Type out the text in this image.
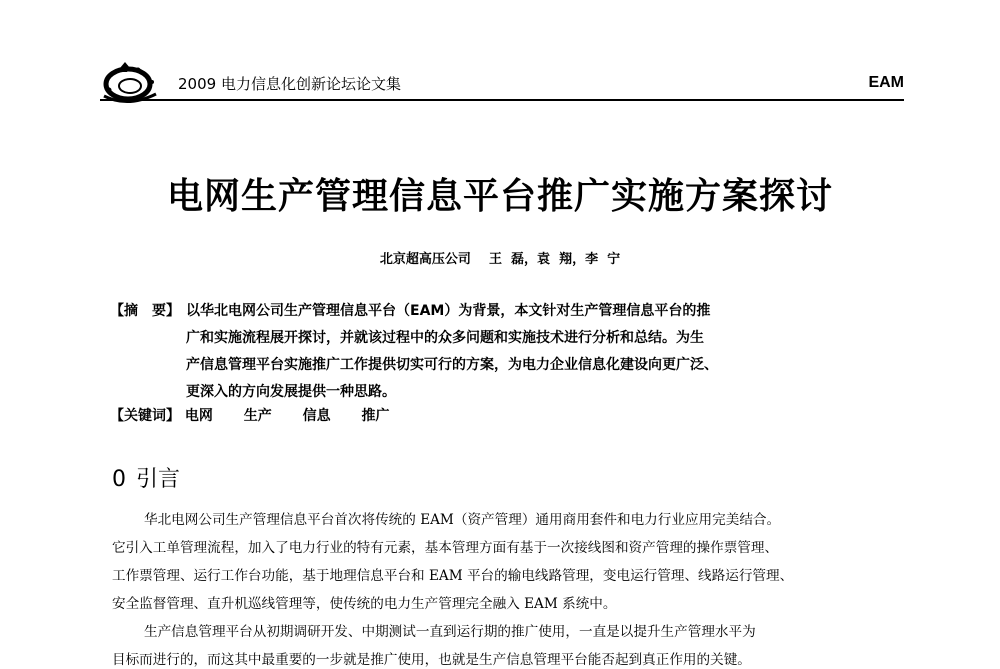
2009 电力信息化创新论坛论文集	EAM
电网生产管理信息平台推广实施方案探讨
北京超高压公司    王  磊，袁  翔，李  宁
【摘　要】 以华北电网公司生产管理信息平台（EAM）为背景，本文针对生产管理信息平台的推
广和实施流程展开探讨，并就该过程中的众多问题和实施技术进行分析和总结。为生
产信息管理平台实施推广工作提供切实可行的方案，为电力企业信息化建设向更广泛、
更深入的方向发展提供一种思路。
【关键词】 电网 生产 信息 推广
0 引言
华北电网公司生产管理信息平台首次将传统的 EAM（资产管理）通用商用套件和电力行业应用完美结合。
它引入工单管理流程，加入了电力行业的特有元素，基本管理方面有基于一次接线图和资产管理的操作票管理、
工作票管理、运行工作台功能，基于地理信息平台和 EAM 平台的输电线路管理，变电运行管理、线路运行管理、
安全监督管理、直升机巡线管理等，使传统的电力生产管理完全融入 EAM 系统中。
生产信息管理平台从初期调研开发、中期测试一直到运行期的推广使用，一直是以提升生产管理水平为
目标而进行的，而这其中最重要的一步就是推广使用，也就是生产信息管理平台能否起到真正作用的关键。
